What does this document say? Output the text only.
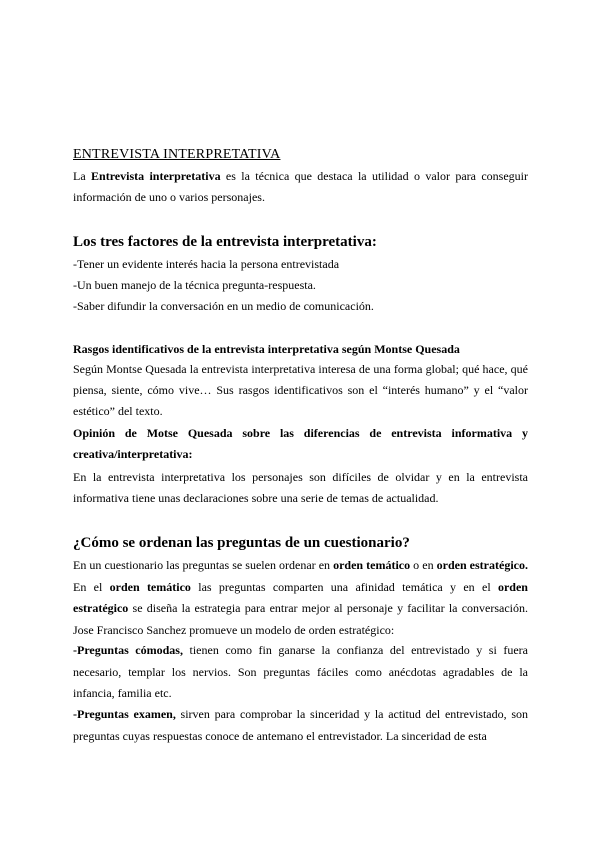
ENTREVISTA INTERPRETATIVA

La Entrevista interpretativa es la técnica que destaca la utilidad o valor para conseguir información de uno o varios personajes.

Los tres factores de la entrevista interpretativa:

-Tener un evidente interés hacia la persona entrevistada

-Un buen manejo de la técnica pregunta-respuesta.

-Saber difundir la conversación en un medio de comunicación.

Rasgos identificativos de la entrevista interpretativa según Montse Quesada

Según Montse Quesada la entrevista interpretativa interesa de una forma global; qué hace, qué piensa, siente, cómo vive… Sus rasgos identificativos son el “interés humano” y el “valor estético” del texto.

Opinión de Motse Quesada sobre las diferencias de entrevista informativa y creativa/interpretativa:

En la entrevista interpretativa los personajes son difíciles de olvidar y en la entrevista informativa tiene unas declaraciones sobre una serie de temas de actualidad.

¿Cómo se ordenan las preguntas de un cuestionario?

En un cuestionario las preguntas se suelen ordenar en orden temático o en orden estratégico. En el orden temático las preguntas comparten una afinidad temática y en el orden estratégico se diseña la estrategia para entrar mejor al personaje y facilitar la conversación. Jose Francisco Sanchez promueve un modelo de orden estratégico:

-Preguntas cómodas, tienen como fin ganarse la confianza del entrevistado y si fuera necesario, templar los nervios. Son preguntas fáciles como anécdotas agradables de la infancia, familia etc.

-Preguntas examen, sirven para comprobar la sinceridad y la actitud del entrevistado, son preguntas cuyas respuestas conoce de antemano el entrevistador. La sinceridad de esta
